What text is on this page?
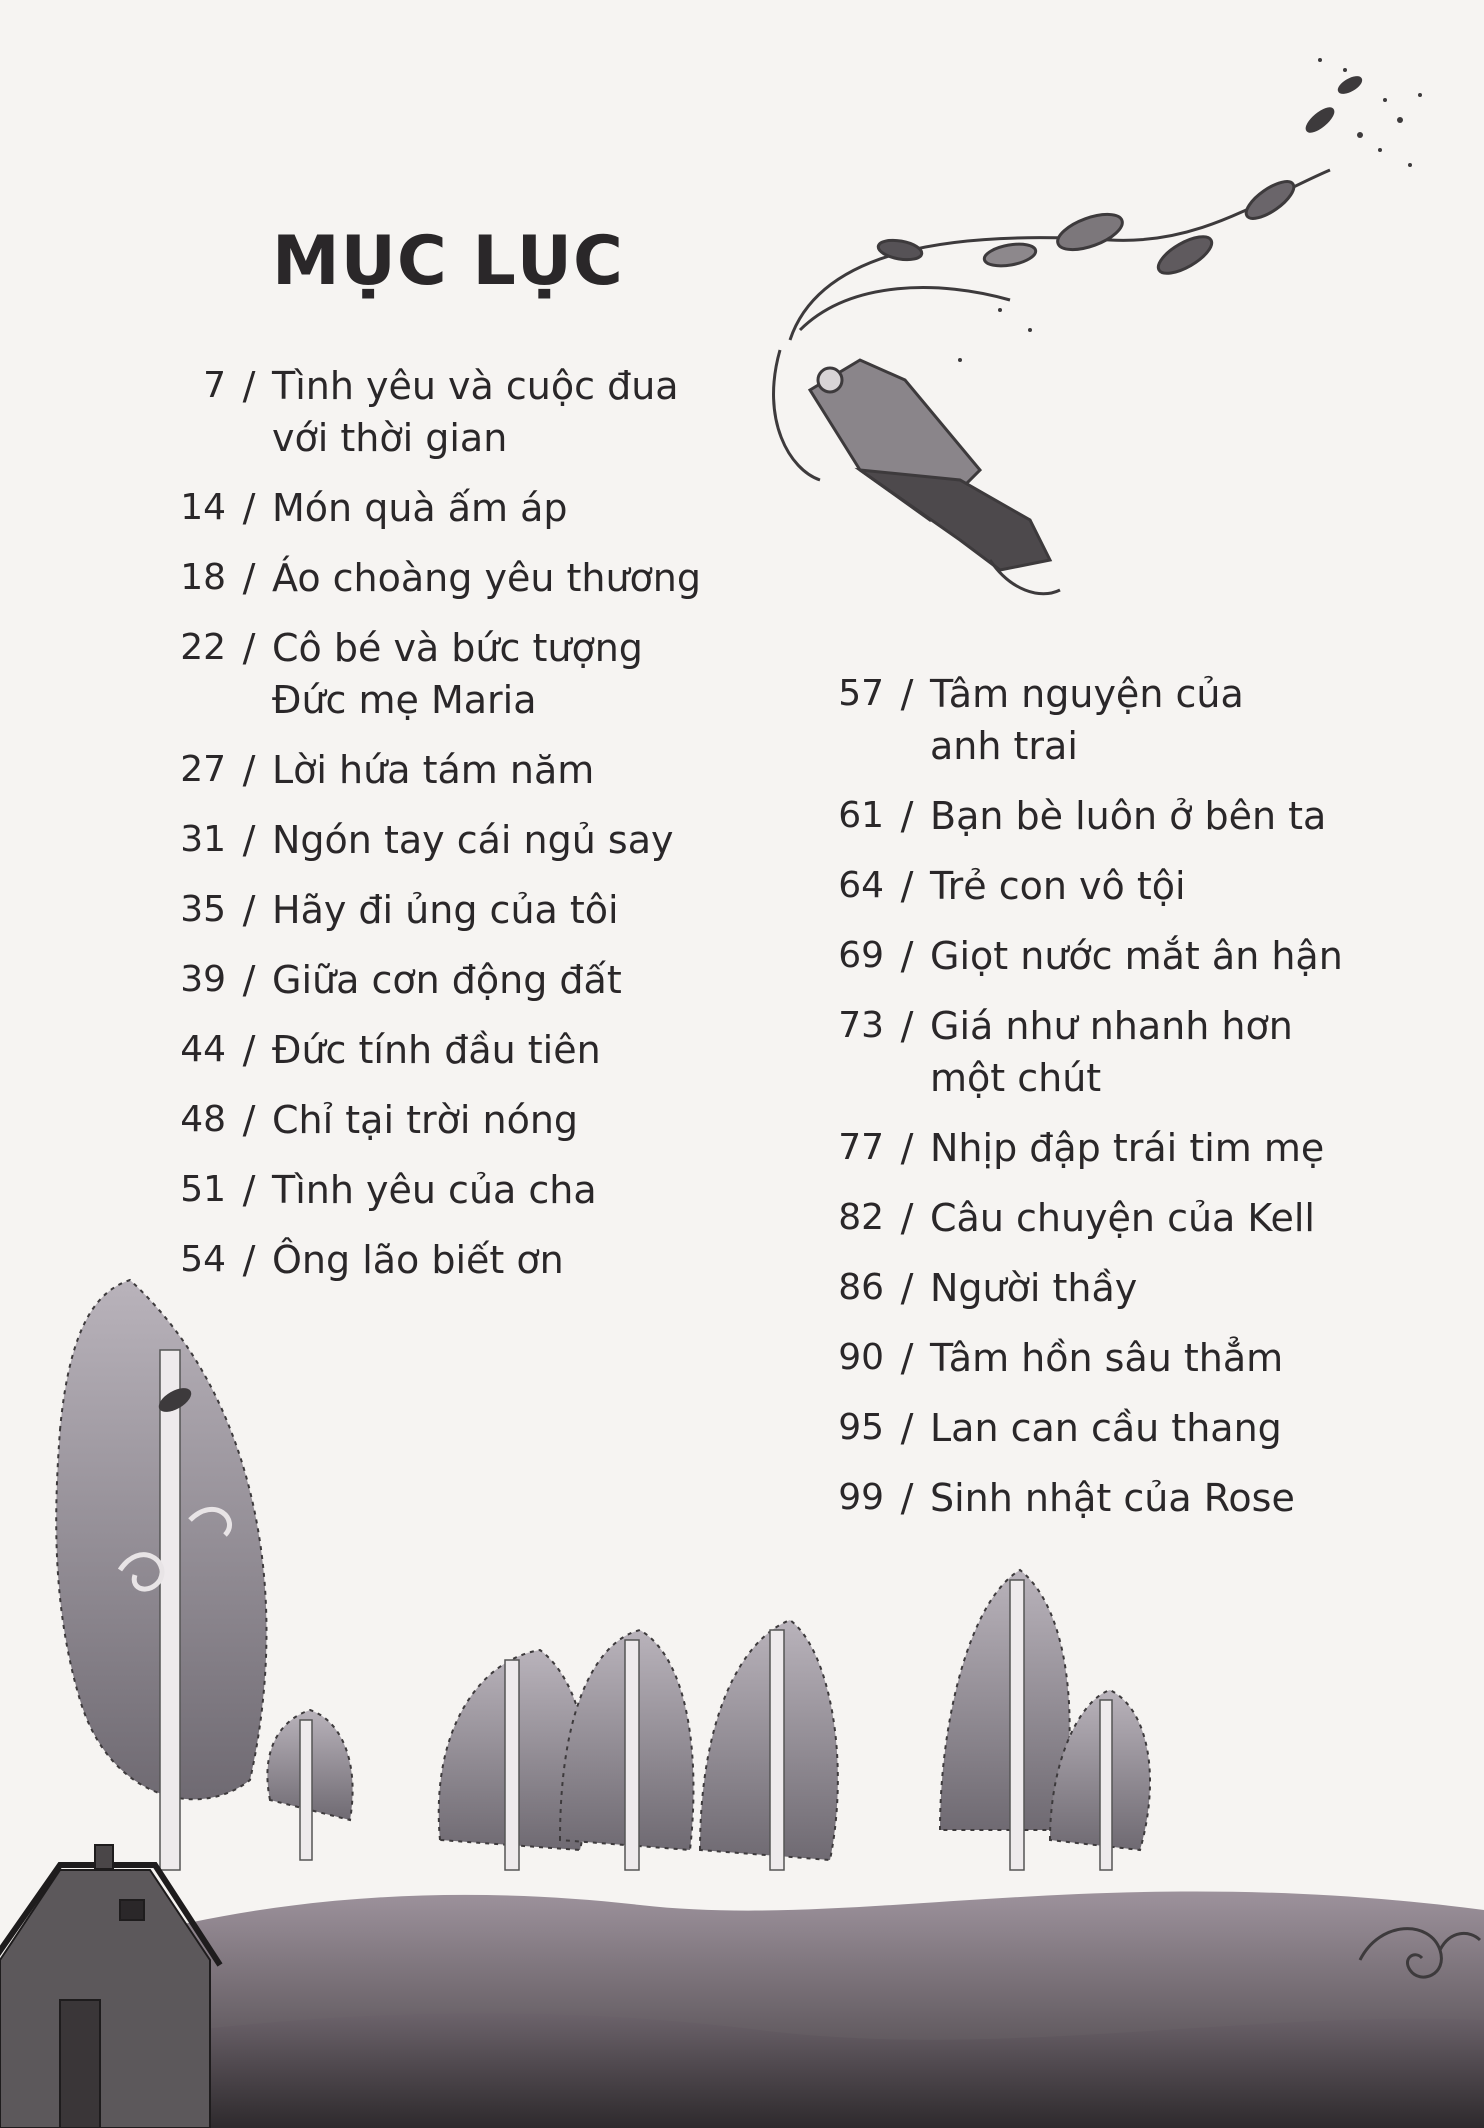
MỤC LỤC
7 / Tình yêu và cuộc đua
với thời gian
14 / Món quà ấm áp
18 / Áo choàng yêu thương
22 / Cô bé và bức tượng
Đức mẹ Maria
27 / Lời hứa tám năm
31 / Ngón tay cái ngủ say
35 / Hãy đi ủng của tôi
39 / Giữa cơn động đất
44 / Đức tính đầu tiên
48 / Chỉ tại trời nóng
51 / Tình yêu của cha
54 / Ông lão biết ơn
57 / Tâm nguyện của
anh trai
61 / Bạn bè luôn ở bên ta
64 / Trẻ con vô tội
69 / Giọt nước mắt ân hận
73 / Giá như nhanh hơn
một chút
77 / Nhịp đập trái tim mẹ
82 / Câu chuyện của Kell
86 / Người thầy
90 / Tâm hồn sâu thẳm
95 / Lan can cầu thang
99 / Sinh nhật của Rose
